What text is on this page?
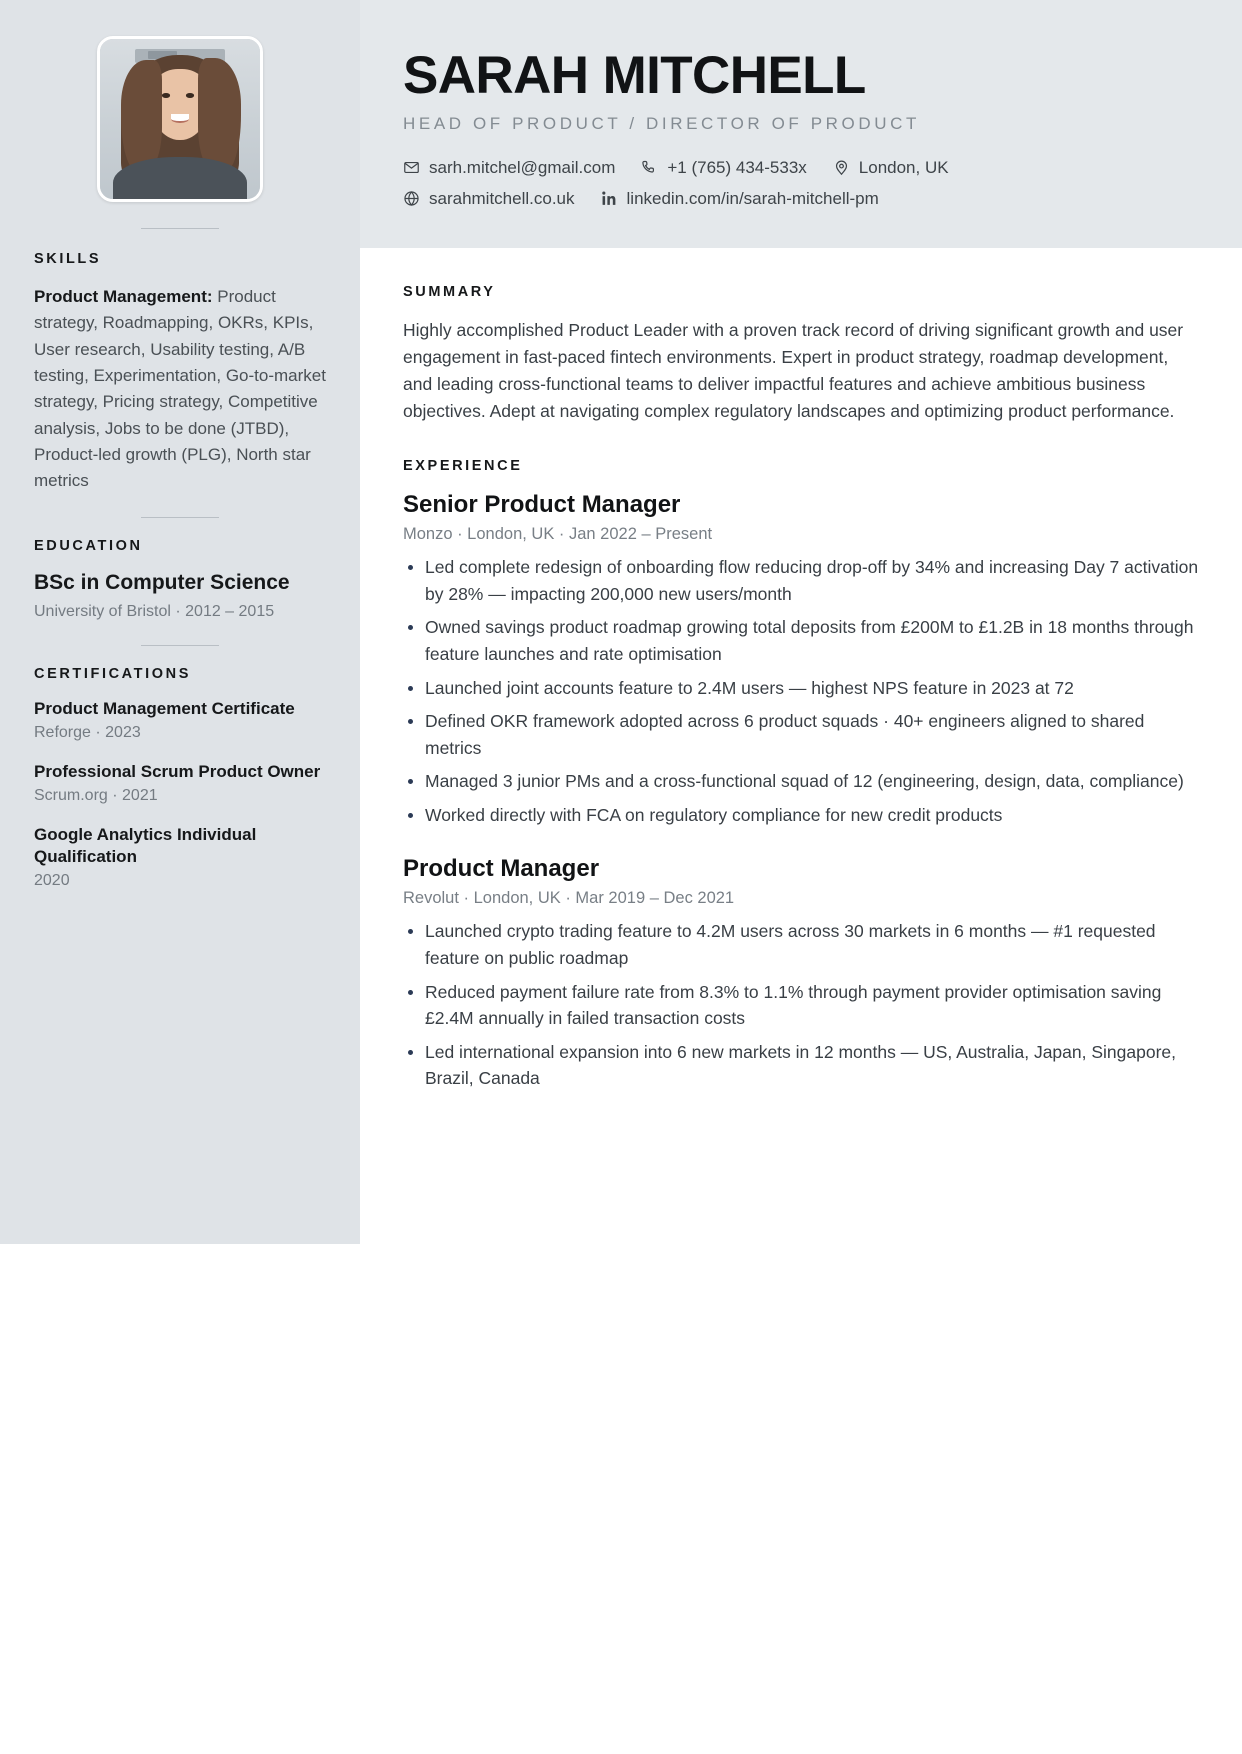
SKILLS

Product Management: Product strategy, Roadmapping, OKRs, KPIs, User research, Usability testing, A/B testing, Experimentation, Go-to-market strategy, Pricing strategy, Competitive analysis, Jobs to be done (JTBD), Product-led growth (PLG), North star metrics

EDUCATION
BSc in Computer Science
University of Bristol · 2012 – 2015
CERTIFICATIONS
Product Management Certificate
Reforge · 2023
Professional Scrum Product Owner
Scrum.org · 2021
Google Analytics Individual Qualification
2020
SARAH MITCHELL
HEAD OF PRODUCT / DIRECTOR OF PRODUCT
sarh.mitchel@gmail.com	+1 (765) 434-533x	London, UK
sarahmitchell.co.uk	linkedin.com/in/sarah-mitchell-pm
SUMMARY

Highly accomplished Product Leader with a proven track record of driving significant growth and user engagement in fast-paced fintech environments. Expert in product strategy, roadmap development, and leading cross-functional teams to deliver impactful features and achieve ambitious business objectives. Adept at navigating complex regulatory landscapes and optimizing product performance.

EXPERIENCE
Senior Product Manager
Monzo · London, UK · Jan 2022 – Present
Led complete redesign of onboarding flow reducing drop-off by 34% and increasing Day 7 activation by 28% — impacting 200,000 new users/month
Owned savings product roadmap growing total deposits from £200M to £1.2B in 18 months through feature launches and rate optimisation
Launched joint accounts feature to 2.4M users — highest NPS feature in 2023 at 72
Defined OKR framework adopted across 6 product squads · 40+ engineers aligned to shared metrics
Managed 3 junior PMs and a cross-functional squad of 12 (engineering, design, data, compliance)
Worked directly with FCA on regulatory compliance for new credit products
Product Manager
Revolut · London, UK · Mar 2019 – Dec 2021
Launched crypto trading feature to 4.2M users across 30 markets in 6 months — #1 requested feature on public roadmap
Reduced payment failure rate from 8.3% to 1.1% through payment provider optimisation saving £2.4M annually in failed transaction costs
Led international expansion into 6 new markets in 12 months — US, Australia, Japan, Singapore, Brazil, Canada
